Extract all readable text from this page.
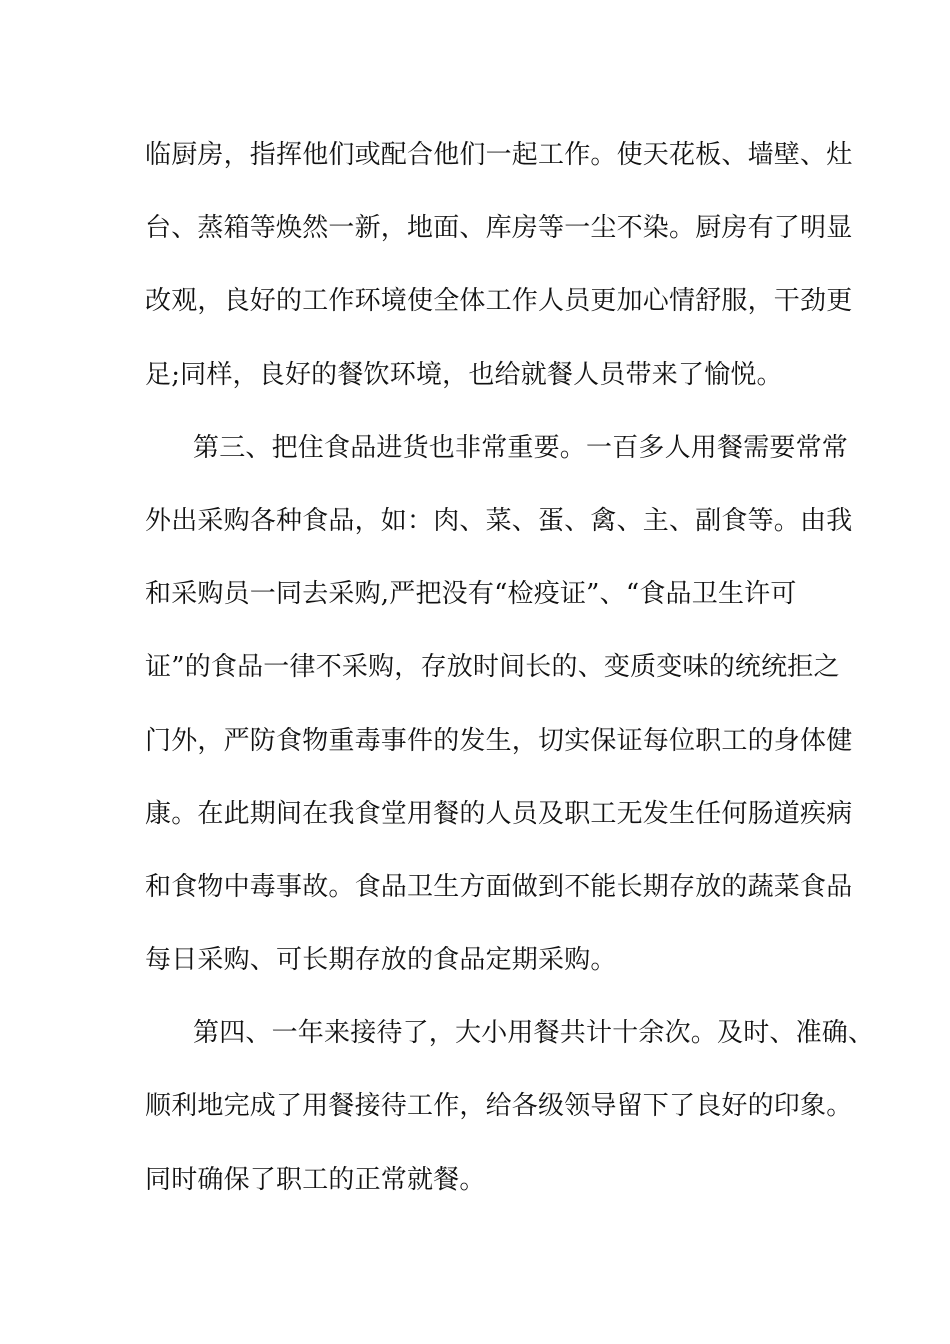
临厨房，指挥他们或配合他们一起工作。使天花板、墙壁、灶
台、蒸箱等焕然一新，地面、库房等一尘不染。厨房有了明显
改观，良好的工作环境使全体工作人员更加心情舒服，干劲更
足;同样，良好的餐饮环境，也给就餐人员带来了愉悦。
第三、把住食品进货也非常重要。一百多人用餐需要常常
外出采购各种食品，如：肉、菜、蛋、禽、主、副食等。由我
和采购员一同去采购,严把没有“检疫证”、“食品卫生许可
证”的食品一律不采购，存放时间长的、变质变味的统统拒之
门外，严防食物重毒事件的发生，切实保证每位职工的身体健
康。在此期间在我食堂用餐的人员及职工无发生任何肠道疾病
和食物中毒事故。食品卫生方面做到不能长期存放的蔬菜食品
每日采购、可长期存放的食品定期采购。
第四、一年来接待了，大小用餐共计十余次。及时、准确、
顺利地完成了用餐接待工作，给各级领导留下了良好的印象。
同时确保了职工的正常就餐。
